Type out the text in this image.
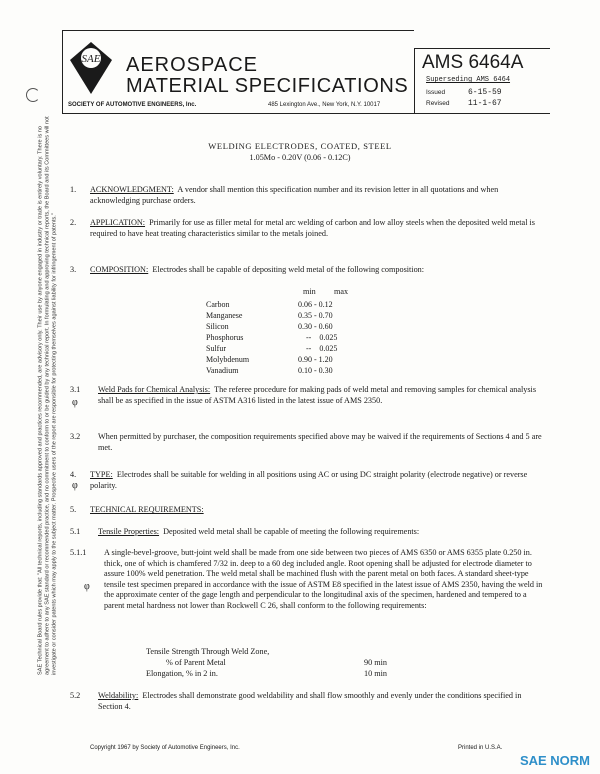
SAE AEROSPACE
MATERIAL SPECIFICATIONS
SOCIETY OF AUTOMOTIVE ENGINEERS, Inc.	485 Lexington Ave., New York, N.Y. 10017
AMS 6464A
Superseding AMS 6464
Issued	6-15-59
Revised 11-1-67
SAE Technical Board rules provide that: "All technical reports, including standards approved and practices recommended, are advisory only. Their use by anyone engaged in industry or trade is entirely voluntary. There is no agreement to adhere to any SAE standard or recommended practice, and no commitment to conform to or be guided by any technical report. In formulating and approving technical reports, the Board and its Committees will not investigate or consider patents which may apply to the subject matter. Prospective users of the report are responsible for protecting themselves against liability for infringement of patents."
WELDING ELECTRODES, COATED, STEEL
1.05Mo - 0.20V (0.06 - 0.12C)
1. ACKNOWLEDGMENT: A vendor shall mention this specification number and its revision letter in all quotations and when acknowledging purchase orders.
2. APPLICATION: Primarily for use as filler metal for metal arc welding of carbon and low alloy steels when the deposited weld metal is required to have heat treating characteristics similar to the metals joined.
3. COMPOSITION: Electrodes shall be capable of depositing weld metal of the following composition:
min max
Carbon	0.06 - 0.12
Manganese	0.35 - 0.70
Silicon	0.30 - 0.60
Phosphorus	--    0.025
Sulfur	--    0.025
Molybdenum	0.90 - 1.20
Vanadium	0.10 - 0.30
3.1
φ
Weld Pads for Chemical Analysis: The referee procedure for making pads of weld metal and removing samples for chemical analysis shall be as specified in the issue of ASTM A316 listed in the latest issue of AMS 2350.
3.2 When permitted by purchaser, the composition requirements specified above may be waived if the requirements of Sections 4 and 5 are met.
4.
φ
TYPE: Electrodes shall be suitable for welding in all positions using AC or using DC straight polarity (electrode negative) or reverse polarity.
5. TECHNICAL REQUIREMENTS:
5.1 Tensile Properties: Deposited weld metal shall be capable of meeting the following requirements:
5.1.1
φ
A single-bevel-groove, butt-joint weld shall be made from one side between two pieces of AMS 6350 or AMS 6355 plate 0.250 in. thick, one of which is chamfered 7/32 in. deep to a 60 deg included angle. Root opening shall be adjusted for electrode diameter to assure 100% weld penetration. The weld metal shall be machined flush with the parent metal on both faces. A standard sheet-type tensile test specimen prepared in accordance with the issue of ASTM E8 specified in the latest issue of AMS 2350, having the weld in the approximate center of the gage length and perpendicular to the longitudinal axis of the specimen, hardened and tempered to a parent metal hardness not lower than Rockwell C 26, shall conform to the following requirements:
Tensile Strength Through Weld Zone,
% of Parent Metal	90 min
Elongation, % in 2 in.	10 min
5.2 Weldability: Electrodes shall demonstrate good weldability and shall flow smoothly and evenly under the conditions specified in Section 4.
Copyright 1967 by Society of Automotive Engineers, Inc.	Printed in U.S.A.
SAE NORM
